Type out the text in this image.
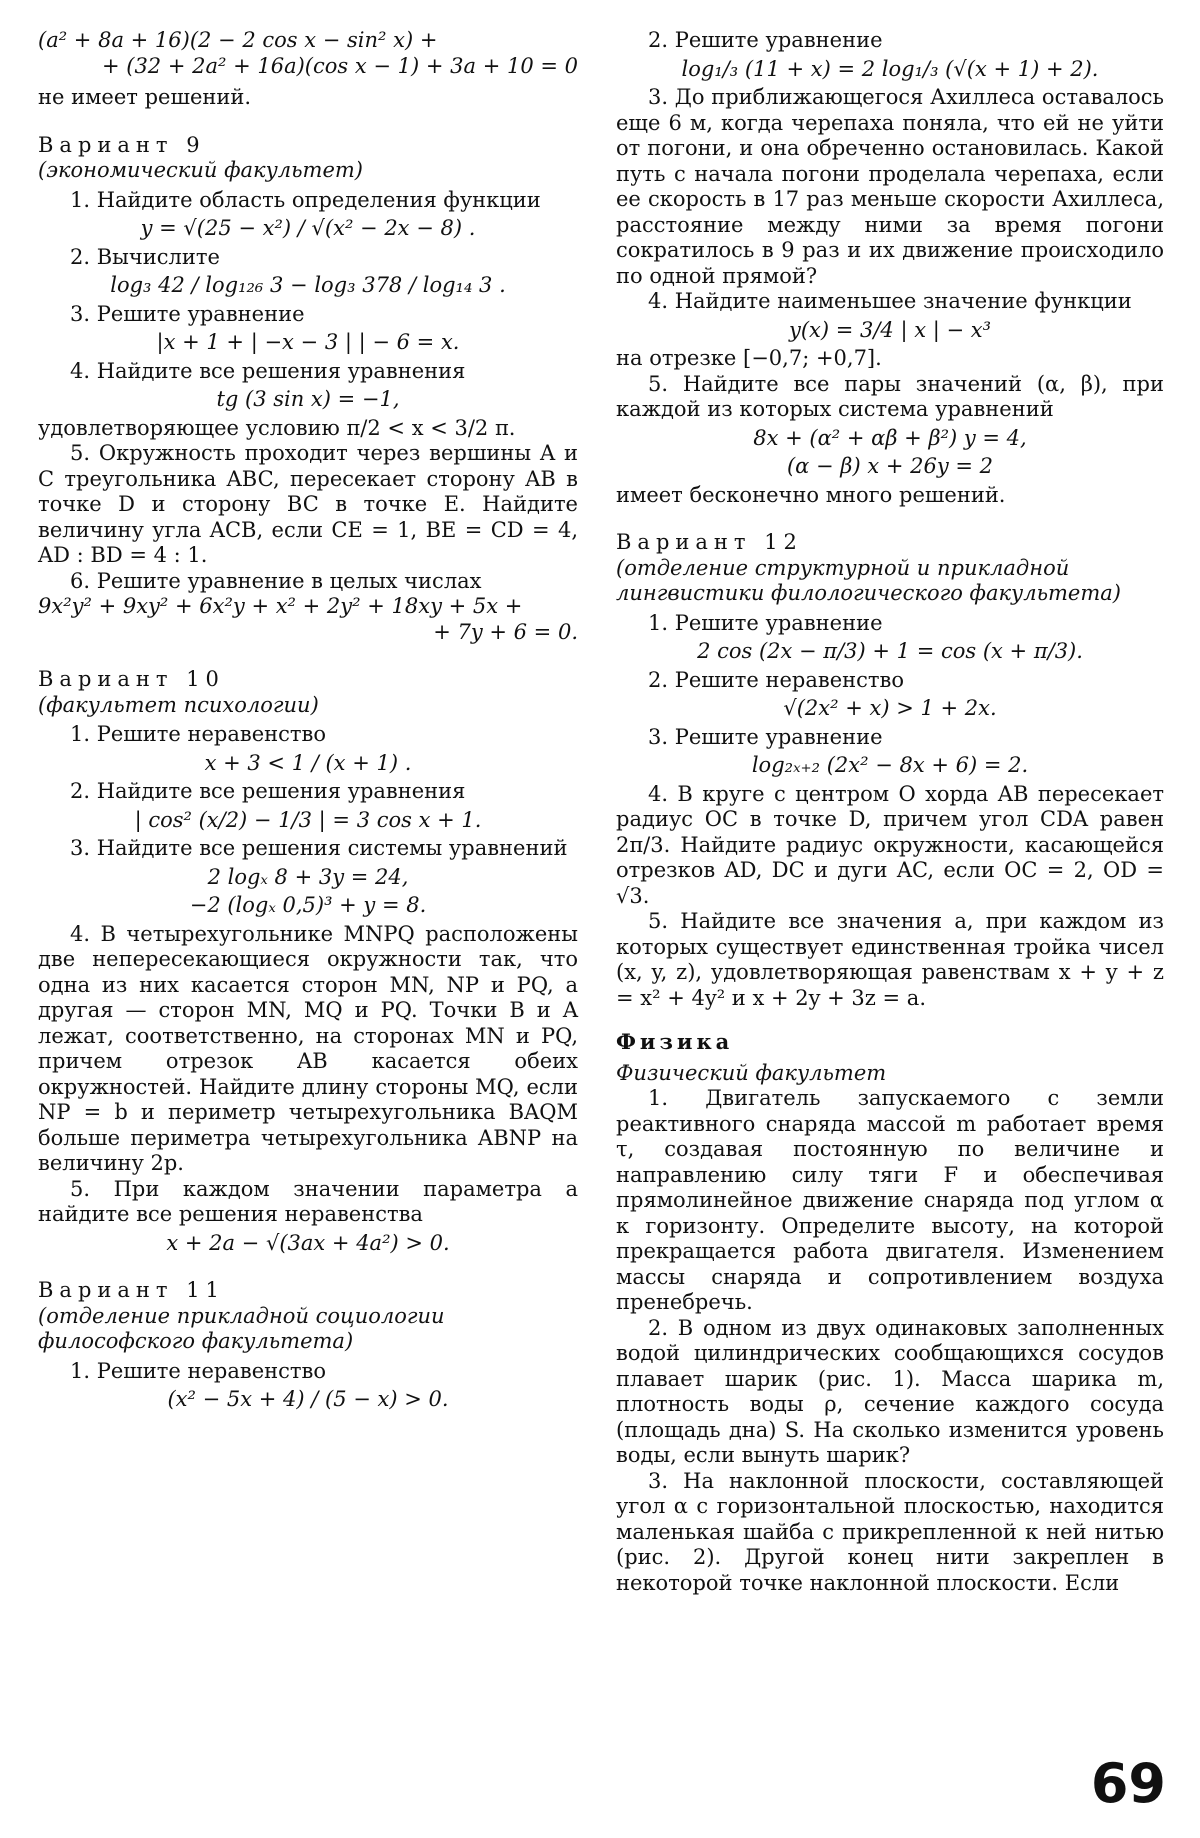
(a² + 8a + 16)(2 − 2 cos x − sin² x) +
+ (32 + 2a² + 16a)(cos x − 1) + 3a + 10 = 0

не имеет решений.

Вариант 9
(экономический факультет)

1. Найдите область определения функции

y = √(25 − x²) / √(x² − 2x − 8) .

2. Вычислите

log₃ 42 / log₁₂₆ 3 − log₃ 378 / log₁₄ 3 .

3. Решите уравнение

|x + 1 + | −x − 3 | | − 6 = x.

4. Найдите все решения уравнения

tg (3 sin x) = −1,

удовлетворяющее условию π/2 < x < 3/2 π.

5. Окружность проходит через вершины A и C треугольника ABC, пересекает сторону AB в точке D и сторону BC в точке E. Найдите величину угла ACB, если CE = 1, BE = CD = 4, AD : BD = 4 : 1.

6. Решите уравнение в целых числах

9x²y² + 9xy² + 6x²y + x² + 2y² + 18xy + 5x +
+ 7y + 6 = 0.
Вариант 10
(факультет психологии)

1. Решите неравенство

x + 3 < 1 / (x + 1) .

2. Найдите все решения уравнения

| cos² (x/2) − 1/3 | = 3 cos x + 1.

3. Найдите все решения системы уравнений

2 logₓ 8 + 3y = 24,
−2 (logₓ 0,5)³ + y = 8.

4. В четырехугольнике MNPQ расположены две непересекающиеся окружности так, что одна из них касается сторон MN, NP и PQ, а другая — сторон MN, MQ и PQ. Точки B и A лежат, соответственно, на сторонах MN и PQ, причем отрезок AB касается обеих окружностей. Найдите длину стороны MQ, если NP = b и периметр четырехугольника BAQM больше периметра четырехугольника ABNP на величину 2p.

5. При каждом значении параметра a найдите все решения неравенства

x + 2a − √(3ax + 4a²) > 0.
Вариант 11
(отделение прикладной социологии философского факультета)

1. Решите неравенство

(x² − 5x + 4) / (5 − x) > 0.

2. Решите уравнение

log₁/₃ (11 + x) = 2 log₁/₃ (√(x + 1) + 2).

3. До приближающегося Ахиллеса оставалось еще 6 м, когда черепаха поняла, что ей не уйти от погони, и она обреченно остановилась. Какой путь с начала погони проделала черепаха, если ее скорость в 17 раз меньше скорости Ахиллеса, расстояние между ними за время погони сократилось в 9 раз и их движение происходило по одной прямой?

4. Найдите наименьшее значение функции

y(x) = 3/4 | x | − x³

на отрезке [−0,7; +0,7].

5. Найдите все пары значений (α, β), при каждой из которых система уравнений

8x + (α² + αβ + β²) y = 4,
(α − β) x + 26y = 2

имеет бесконечно много решений.

Вариант 12
(отделение структурной и прикладной лингвистики филологического факультета)

1. Решите уравнение

2 cos (2x − π/3) + 1 = cos (x + π/3).

2. Решите неравенство

√(2x² + x) > 1 + 2x.

3. Решите уравнение

log₂ₓ₊₂ (2x² − 8x + 6) = 2.

4. В круге с центром O хорда AB пересекает радиус OC в точке D, причем угол CDA равен 2π/3. Найдите радиус окружности, касающейся отрезков AD, DC и дуги AC, если OC = 2, OD = √3.

5. Найдите все значения a, при каждом из которых существует единственная тройка чисел (x, y, z), удовлетворяющая равенствам x + y + z = x² + 4y² и x + 2y + 3z = a.

Физика
Физический факультет

1. Двигатель запускаемого с земли реактивного снаряда массой m работает время τ, создавая постоянную по величине и направлению силу тяги F и обеспечивая прямолинейное движение снаряда под углом α к горизонту. Определите высоту, на которой прекращается работа двигателя. Изменением массы снаряда и сопротивлением воздуха пренебречь.

2. В одном из двух одинаковых заполненных водой цилиндрических сообщающихся сосудов плавает шарик (рис. 1). Масса шарика m, плотность воды ρ, сечение каждого сосуда (площадь дна) S. На сколько изменится уровень воды, если вынуть шарик?

3. На наклонной плоскости, составляющей угол α с горизонтальной плоскостью, находится маленькая шайба с прикрепленной к ней нитью (рис. 2). Другой конец нити закреплен в некоторой точке наклонной плоскости. Если

69
